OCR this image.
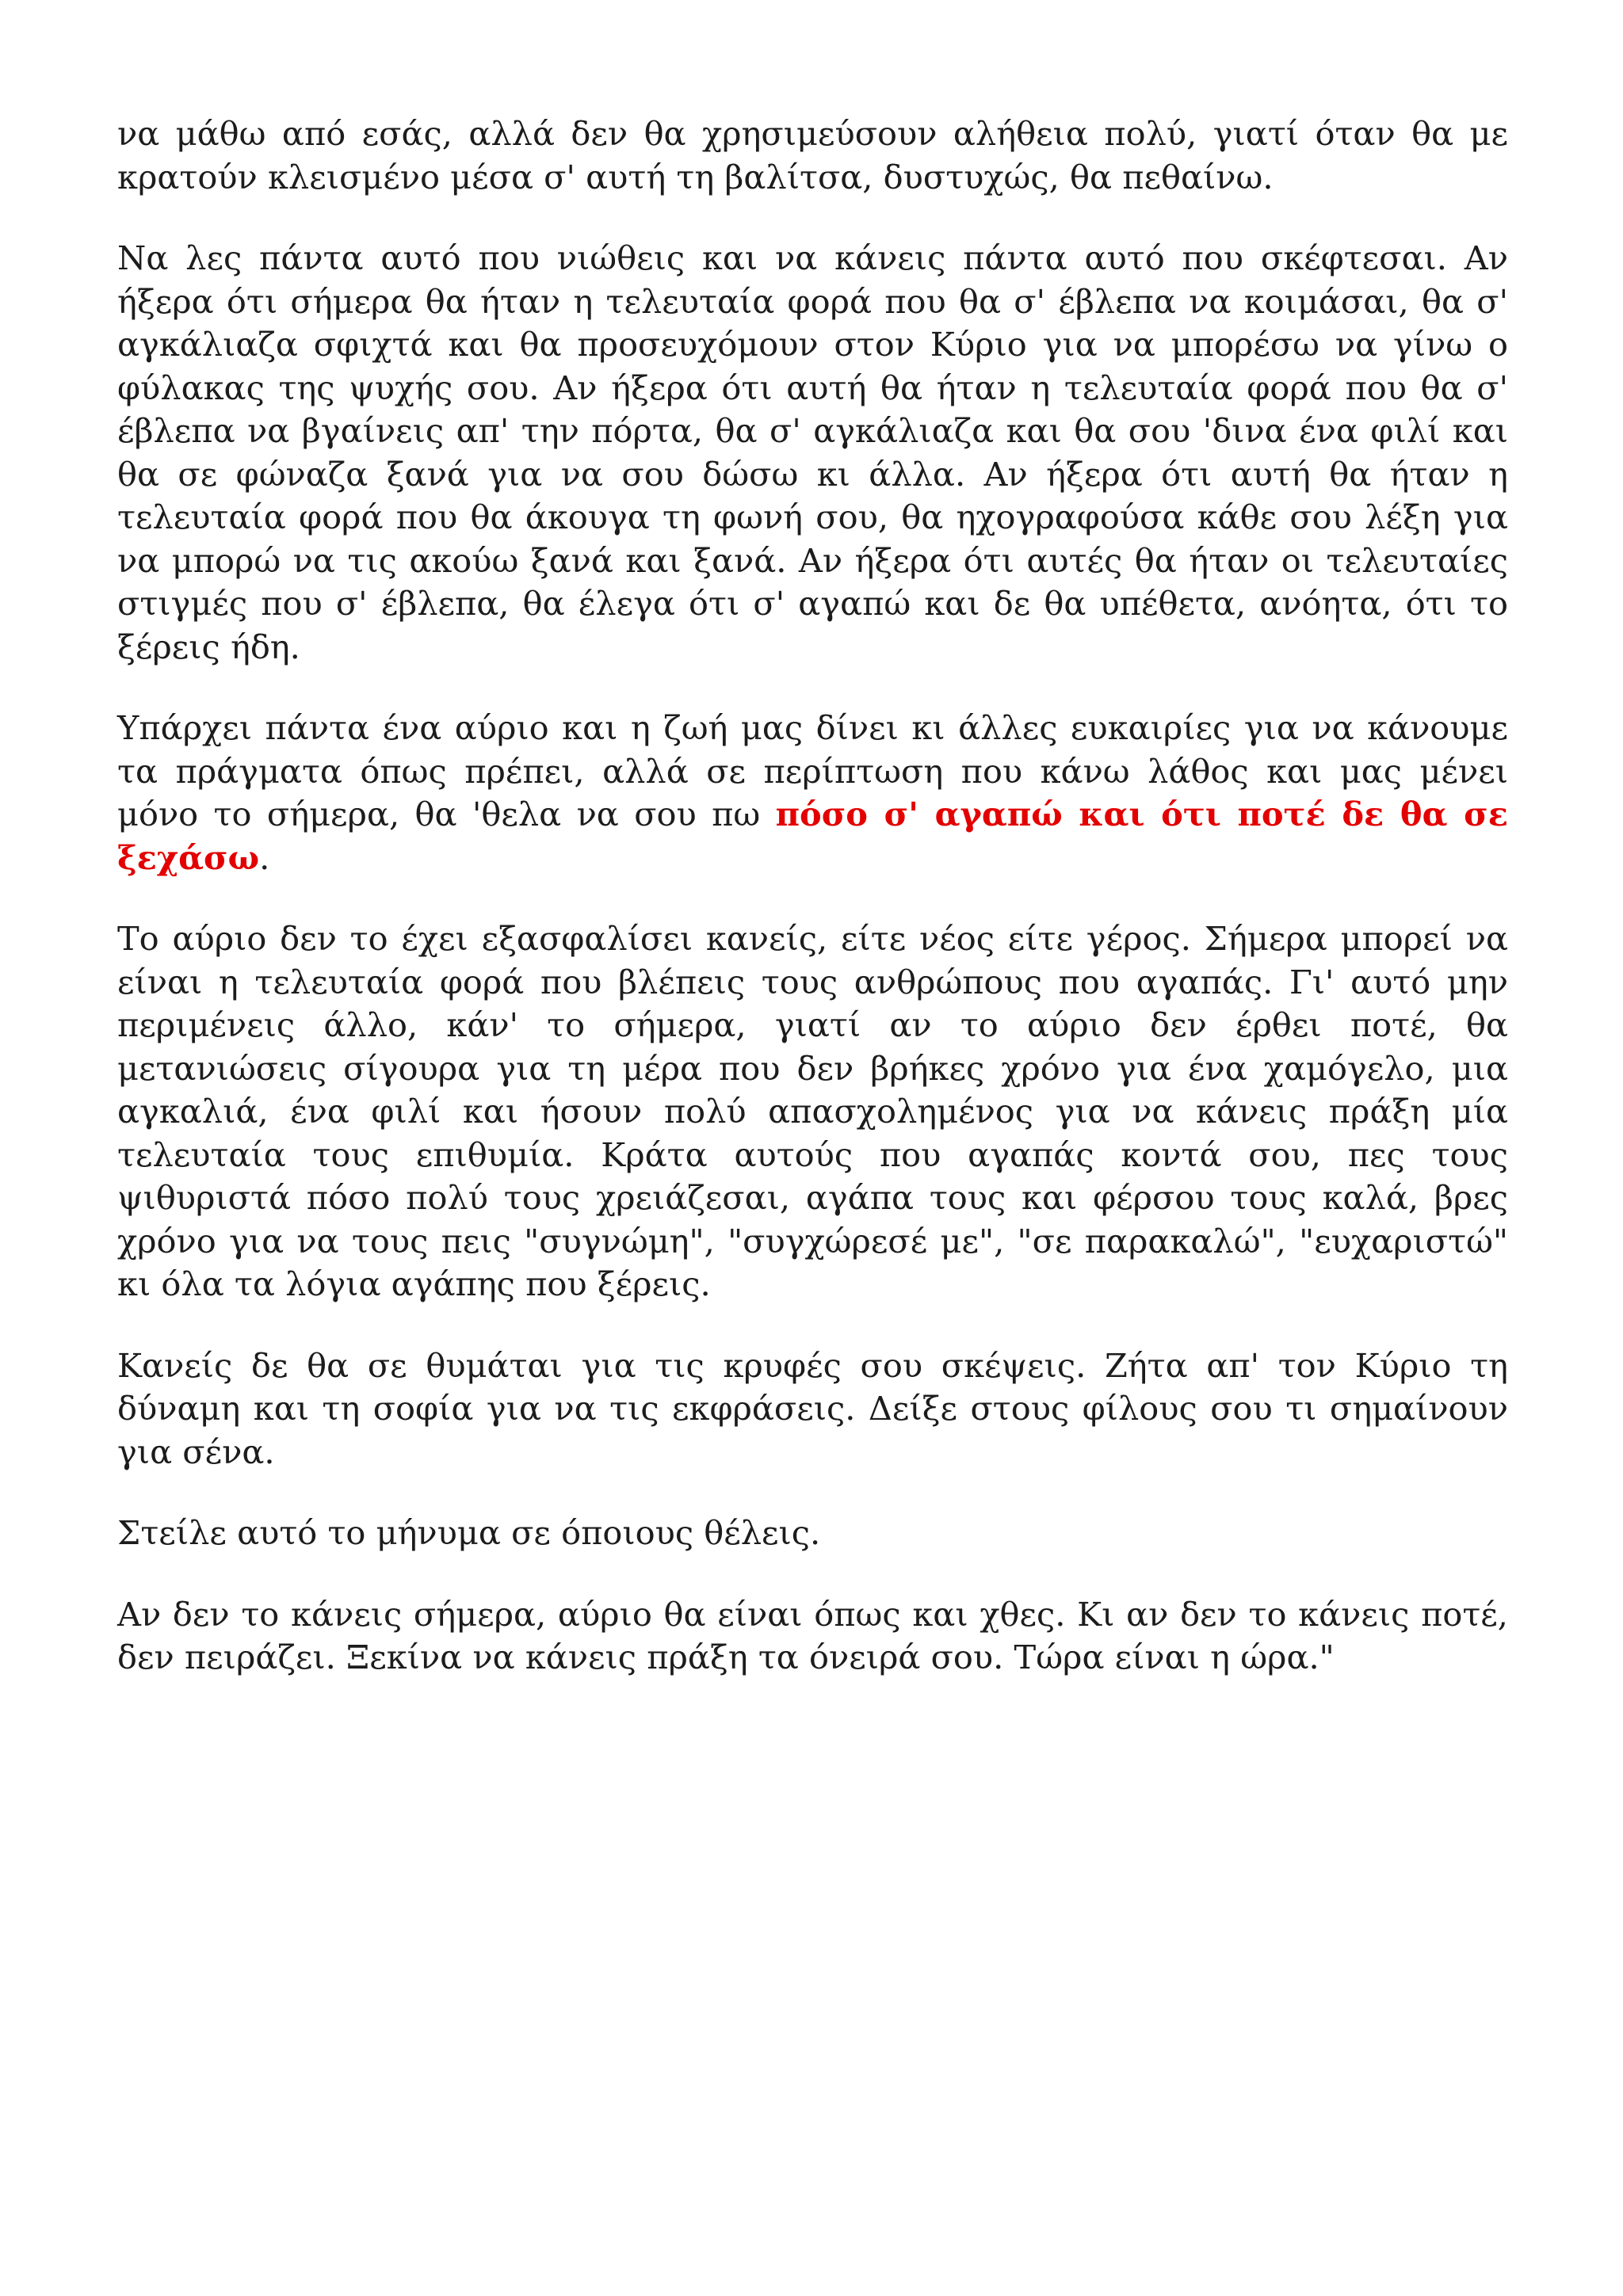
να μάθω από εσάς, αλλά δεν θα χρησιμεύσουν αλήθεια πολύ, γιατί όταν θα με κρατούν κλεισμένο μέσα σ' αυτή τη βαλίτσα, δυστυχώς, θα πεθαίνω.

Να λες πάντα αυτό που νιώθεις και να κάνεις πάντα αυτό που σκέφτεσαι. Αν ήξερα ότι σήμερα θα ήταν η τελευταία φορά που θα σ' έβλεπα να κοιμάσαι, θα σ' αγκάλιαζα σφιχτά και θα προσευχόμουν στον Κύριο για να μπορέσω να γίνω ο φύλακας της ψυχής σου. Αν ήξερα ότι αυτή θα ήταν η τελευταία φορά που θα σ' έβλεπα να βγαίνεις απ' την πόρτα, θα σ' αγκάλιαζα και θα σου 'δινα ένα φιλί και θα σε φώναζα ξανά για να σου δώσω κι άλλα. Αν ήξερα ότι αυτή θα ήταν η τελευταία φορά που θα άκουγα τη φωνή σου, θα ηχογραφούσα κάθε σου λέξη για να μπορώ να τις ακούω ξανά και ξανά. Αν ήξερα ότι αυτές θα ήταν οι τελευταίες στιγμές που σ' έβλεπα, θα έλεγα ότι σ' αγαπώ και δε θα υπέθετα, ανόητα, ότι το ξέρεις ήδη.

Υπάρχει πάντα ένα αύριο και η ζωή μας δίνει κι άλλες ευκαιρίες για να κάνουμε τα πράγματα όπως πρέπει, αλλά σε περίπτωση που κάνω λάθος και μας μένει μόνο το σήμερα, θα 'θελα να σου πω πόσο σ' αγαπώ και ότι ποτέ δε θα σε ξεχάσω.

Το αύριο δεν το έχει εξασφαλίσει κανείς, είτε νέος είτε γέρος. Σήμερα μπορεί να είναι η τελευταία φορά που βλέπεις τους ανθρώπους που αγαπάς. Γι' αυτό μην περιμένεις άλλο, κάν' το σήμερα, γιατί αν το αύριο δεν έρθει ποτέ, θα μετανιώσεις σίγουρα για τη μέρα που δεν βρήκες χρόνο για ένα χαμόγελο, μια αγκαλιά, ένα φιλί και ήσουν πολύ απασχολημένος για να κάνεις πράξη μία τελευταία τους επιθυμία. Κράτα αυτούς που αγαπάς κοντά σου, πες τους ψιθυριστά πόσο πολύ τους χρειάζεσαι, αγάπα τους και φέρσου τους καλά, βρες χρόνο για να τους πεις "συγνώμη", "συγχώρεσέ με", "σε παρακαλώ", "ευχαριστώ" κι όλα τα λόγια αγάπης που ξέρεις.

Κανείς δε θα σε θυμάται για τις κρυφές σου σκέψεις. Ζήτα απ' τον Κύριο τη δύναμη και τη σοφία για να τις εκφράσεις. Δείξε στους φίλους σου τι σημαίνουν για σένα.

Στείλε αυτό το μήνυμα σε όποιους θέλεις.

Αν δεν το κάνεις σήμερα, αύριο θα είναι όπως και χθες. Κι αν δεν το κάνεις ποτέ, δεν πειράζει. Ξεκίνα να κάνεις πράξη τα όνειρά σου. Τώρα είναι η ώρα."
